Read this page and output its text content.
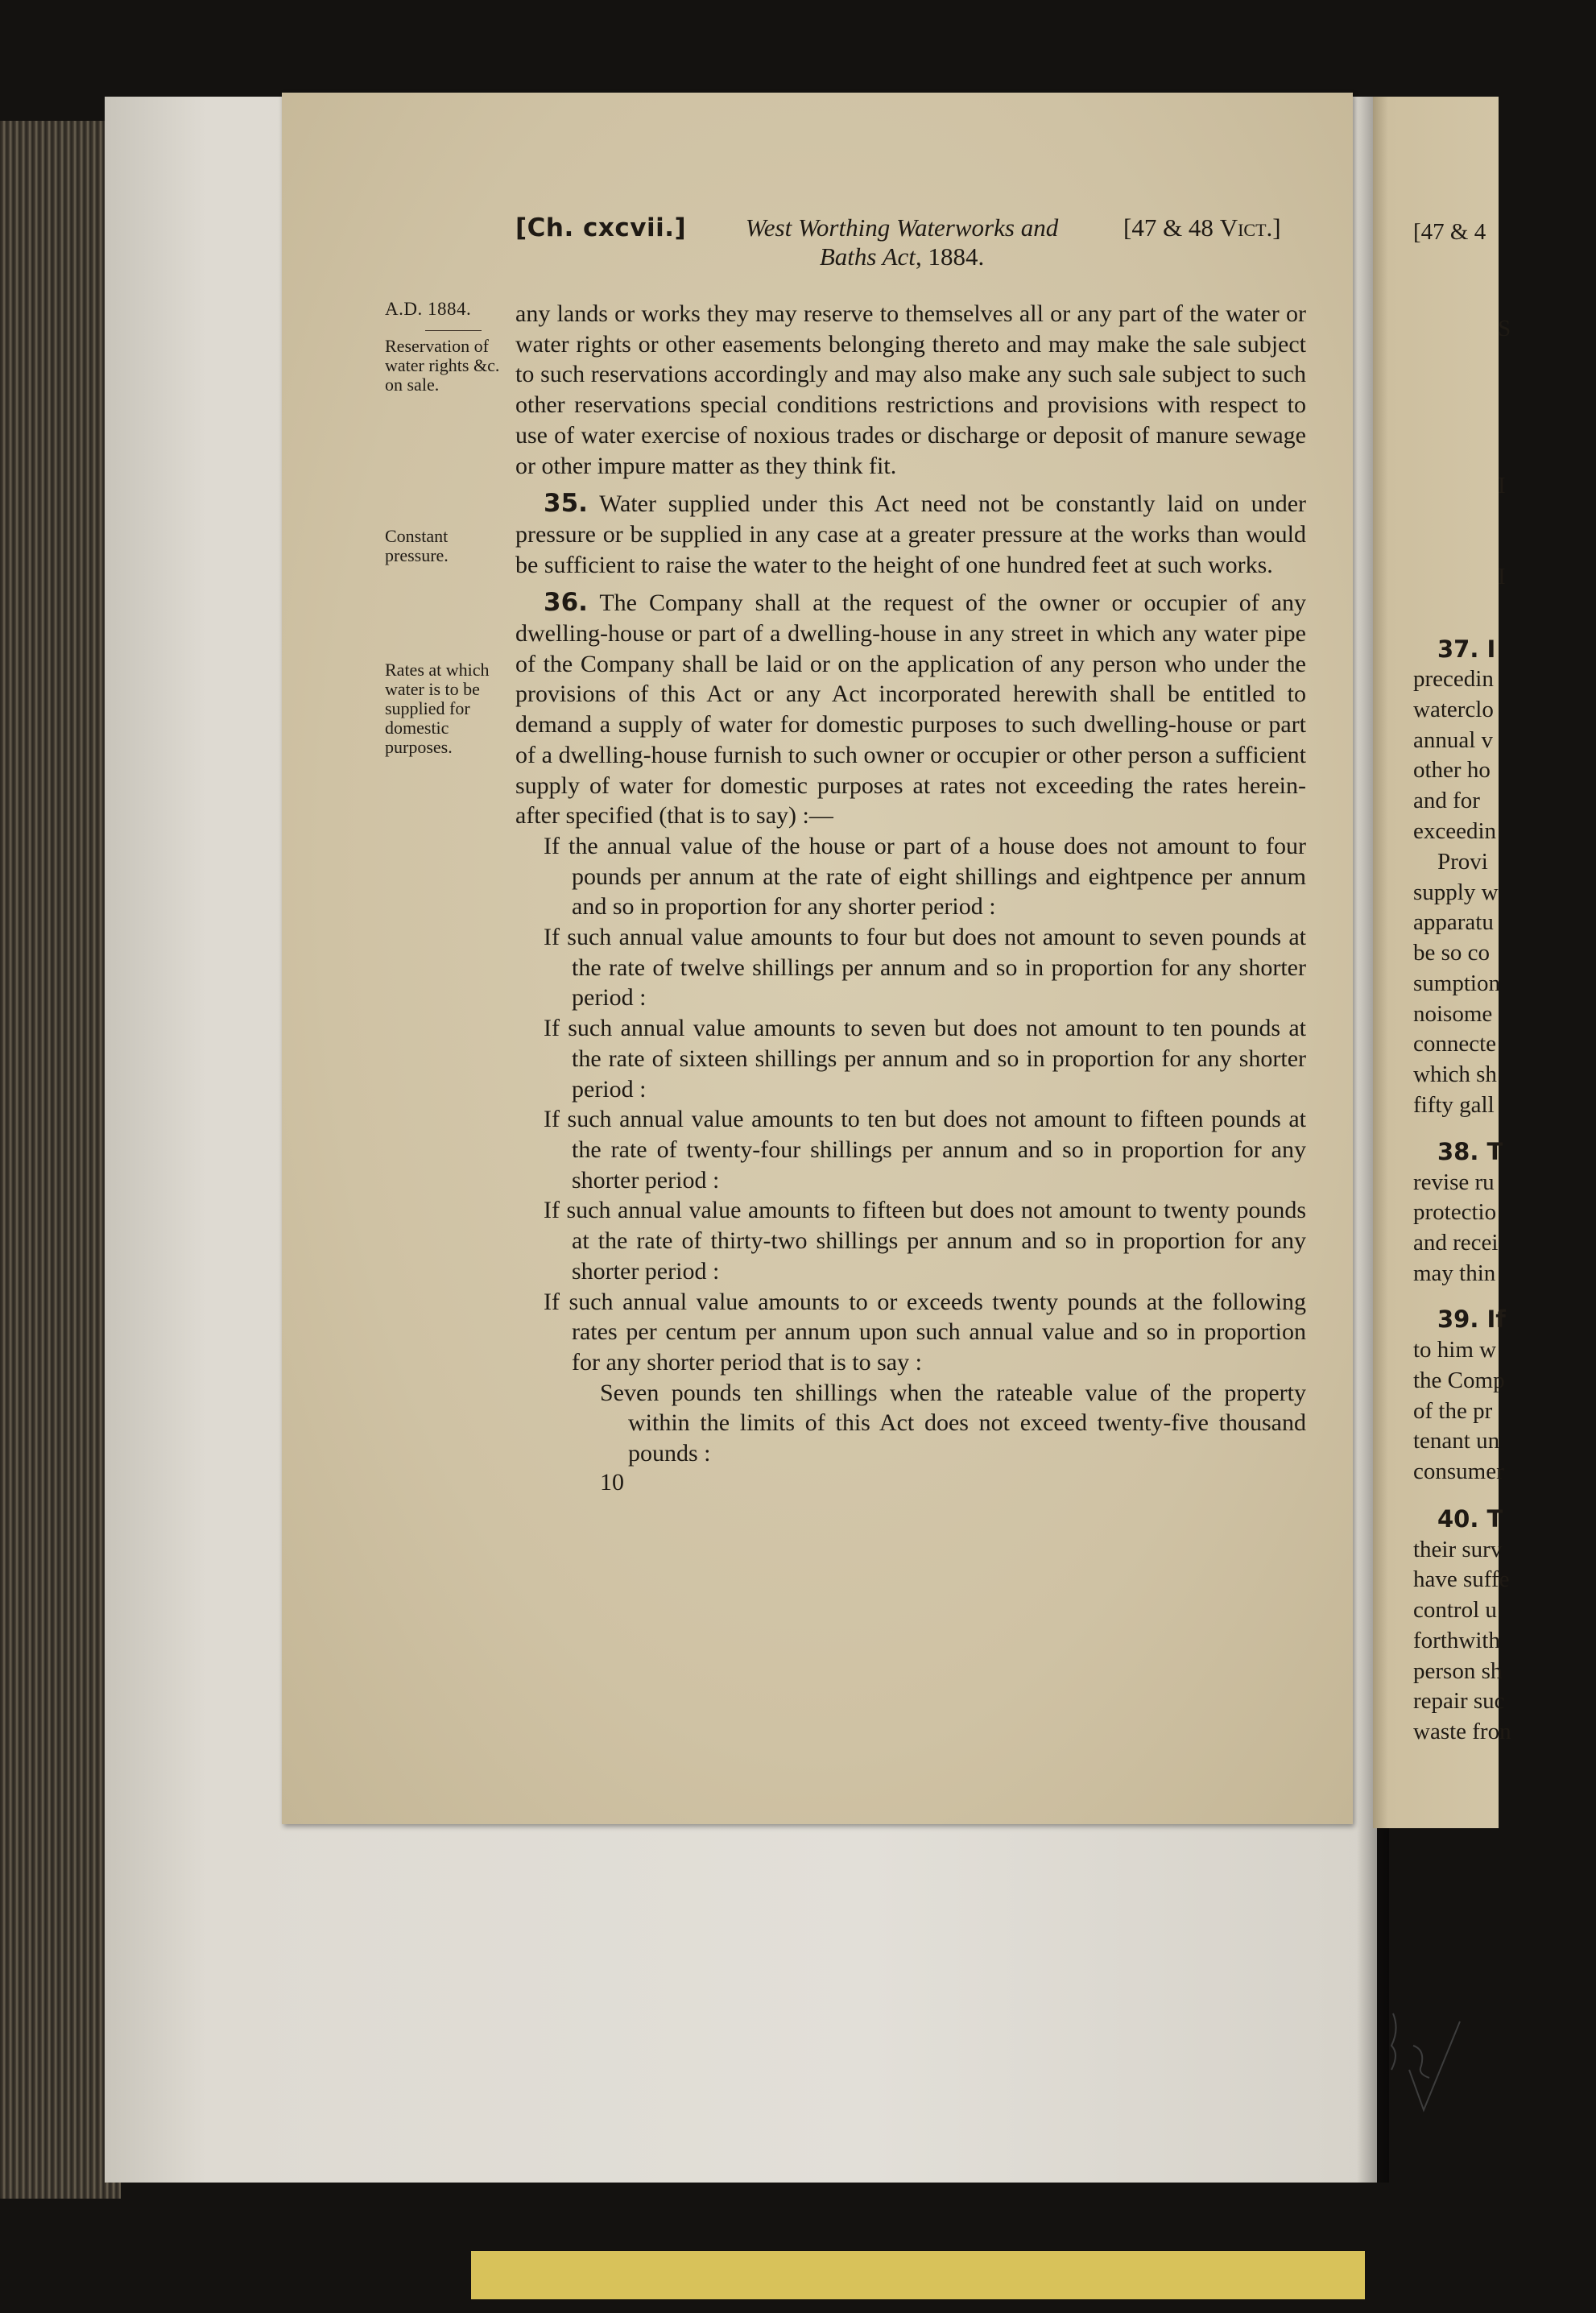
[Ch. cxcvii.]	West Worthing Waterworks and
Baths Act, 1884.
[47 & 48 Vict.]
A.D. 1884.
Reservation of water rights &c. on sale.
Constant pressure.
Rates at which water is to be supplied for domestic purposes.

any lands or works they may reserve to themselves all or any part of the water or water rights or other easements belonging thereto and may make the sale subject to such reservations accordingly and may also make any such sale subject to such other reservations special conditions restrictions and provisions with respect to use of water exercise of noxious trades or discharge or deposit of manure sewage or other impure matter as they think fit.

35. Water supplied under this Act need not be constantly laid on under pressure or be supplied in any case at a greater pressure at the works than would be sufficient to raise the water to the height of one hundred feet at such works.

36. The Company shall at the request of the owner or occupier of any dwelling-house or part of a dwelling-house in any street in which any water pipe of the Company shall be laid or on the application of any person who under the provisions of this Act or any Act incorporated herewith shall be entitled to demand a supply of water for domestic purposes to such dwelling-house or part of a dwelling-house furnish to such owner or occupier or other person a sufficient supply of water for domestic purposes at rates not exceeding the rates herein-after specified (that is to say) :—

If the annual value of the house or part of a house does not amount to four pounds per annum at the rate of eight shillings and eightpence per annum and so in proportion for any shorter period :

If such annual value amounts to four but does not amount to seven pounds at the rate of twelve shillings per annum and so in proportion for any shorter period :

If such annual value amounts to seven but does not amount to ten pounds at the rate of sixteen shillings per annum and so in proportion for any shorter period :

If such annual value amounts to ten but does not amount to fifteen pounds at the rate of twenty-four shillings per annum and so in proportion for any shorter period :

If such annual value amounts to fifteen but does not amount to twenty pounds at the rate of thirty-two shillings per annum and so in proportion for any shorter period :

If such annual value amounts to or exceeds twenty pounds at the following rates per centum per annum upon such annual value and so in proportion for any shorter period that is to say :

Seven pounds ten shillings when the rateable value of the property within the limits of this Act does not exceed twenty-five thousand pounds :

10
[47 & 4
S
I
I
37. I
precedin
waterclo
annual v
other ho
and for
exceedin
Provi
supply w
apparatu
be so co
sumption
noisome
connecte
which sh
fifty gall
38. T
revise ru
protectio
and recei
may thin
39. If
to him w
the Comp
of the pr
tenant un
consumer
40. T
their surv
have suffe
control u
forthwith
person sh
repair suc
waste fron
